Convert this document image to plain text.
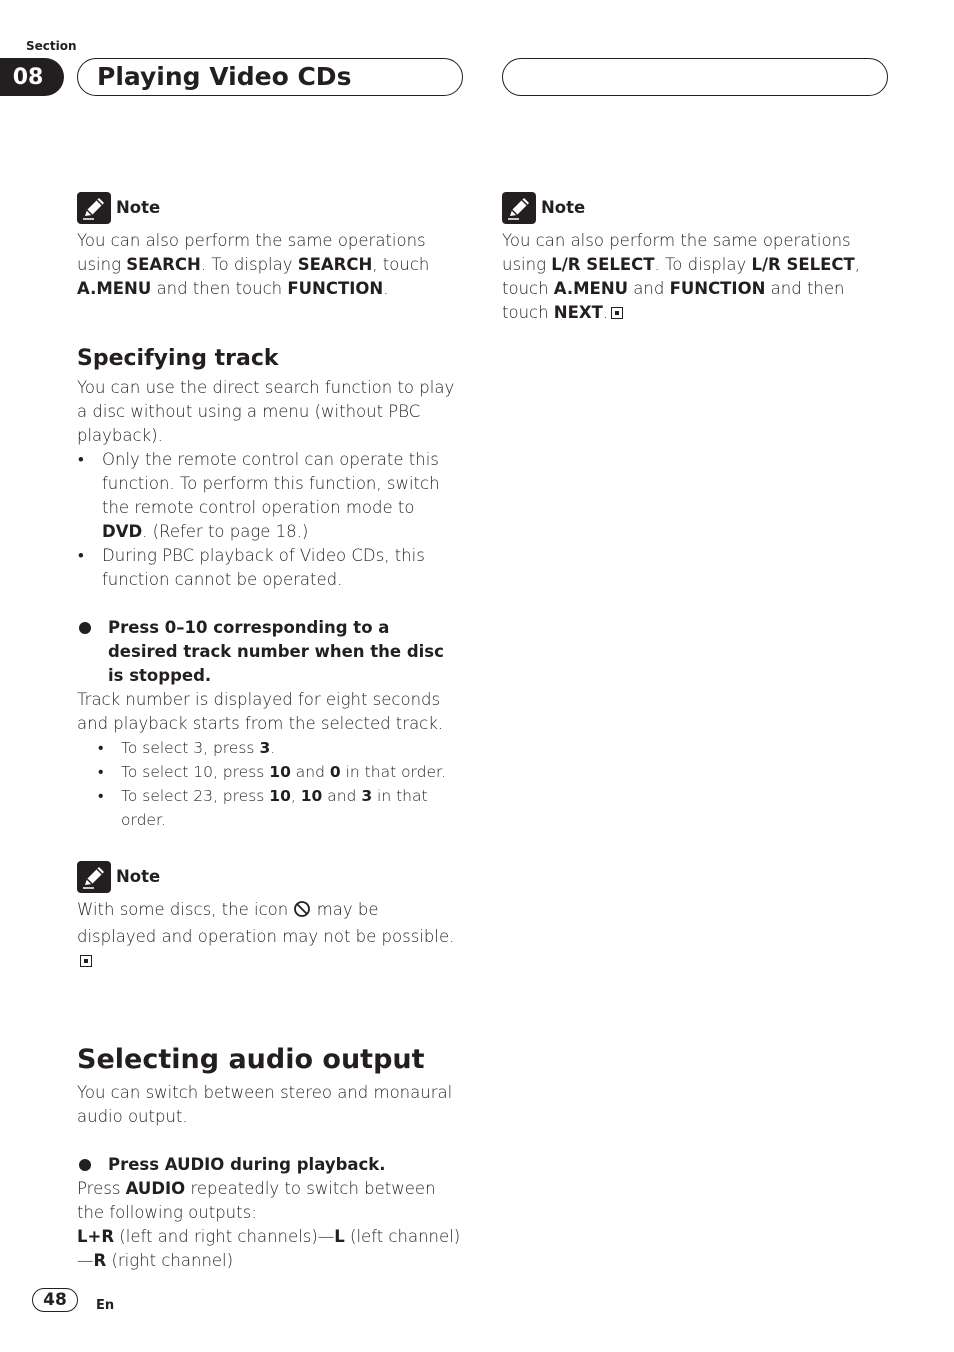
Section
08	Playing Video CDs
Note

You can also perform the same operations using SEARCH. To display SEARCH, touch A.MENU and then touch FUNCTION.

Specifying track

You can use the direct search function to play a disc without using a menu (without PBC playback).

• Only the remote control can operate this function. To perform this function, switch the remote control operation mode to DVD. (Refer to page 18.)
• During PBC playback of Video CDs, this function cannot be operated.

Press 0–10 corresponding to a desired track number when the disc is stopped.

Track number is displayed for eight seconds and playback starts from the selected track.

• To select 3, press 3.
• To select 10, press 10 and 0 in that order.
• To select 23, press 10, 10 and 3 in that order.
Note

With some discs, the icon  may be displayed and operation may not be possible.

Selecting audio output

You can switch between stereo and monaural audio output.

Press AUDIO during playback.

Press AUDIO repeatedly to switch between the following outputs:

L+R (left and right channels)—L (left channel) —R (right channel)

Note

You can also perform the same operations using L/R SELECT. To display L/R SELECT, touch A.MENU and FUNCTION and then touch NEXT.

48	En
